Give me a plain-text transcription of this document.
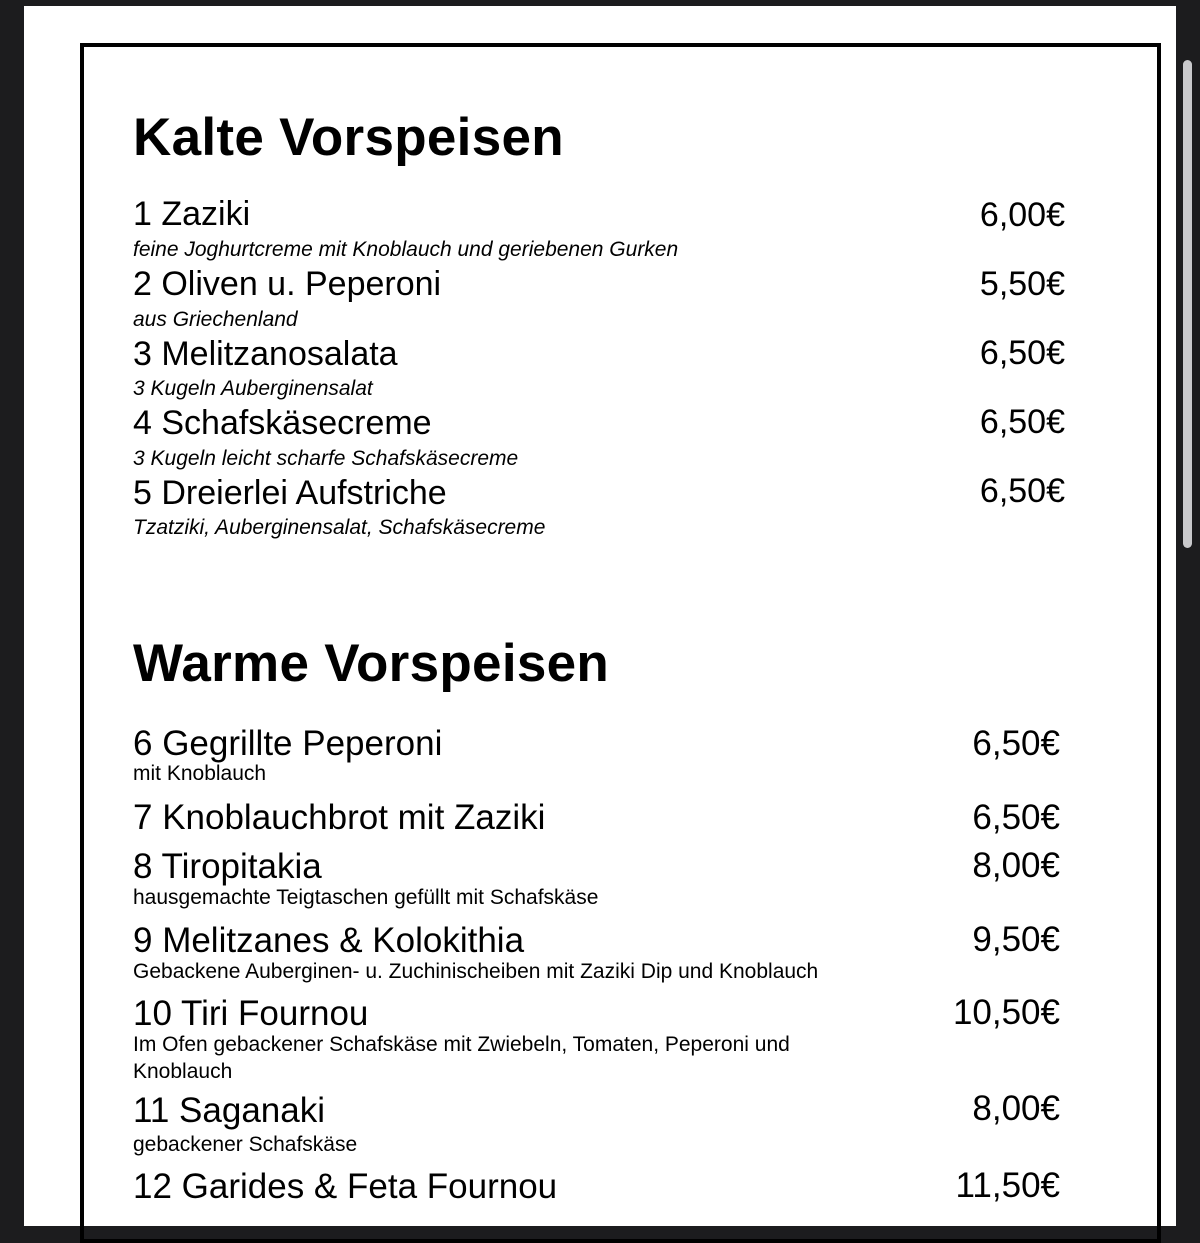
Kalte Vorspeisen
1 Zaziki	6,00€
feine Joghurtcreme mit Knoblauch und geriebenen Gurken
2 Oliven u. Peperoni	5,50€
aus Griechenland
3 Melitzanosalata	6,50€
3 Kugeln Auberginensalat
4 Schafskäsecreme	6,50€
3 Kugeln leicht scharfe Schafskäsecreme
5 Dreierlei Aufstriche	6,50€
Tzatziki, Auberginensalat, Schafskäsecreme
Warme Vorspeisen
6 Gegrillte Peperoni	6,50€
mit Knoblauch
7 Knoblauchbrot mit Zaziki	6,50€
8 Tiropitakia	8,00€
hausgemachte Teigtaschen gefüllt mit Schafskäse
9 Melitzanes & Kolokithia	9,50€
Gebackene Auberginen- u. Zuchinischeiben mit Zaziki Dip und Knoblauch
10 Tiri Fournou	10,50€
Im Ofen gebackener Schafskäse mit Zwiebeln, Tomaten, Peperoni und Knoblauch
11 Saganaki	8,00€
gebackener Schafskäse
12 Garides & Feta Fournou	11,50€
